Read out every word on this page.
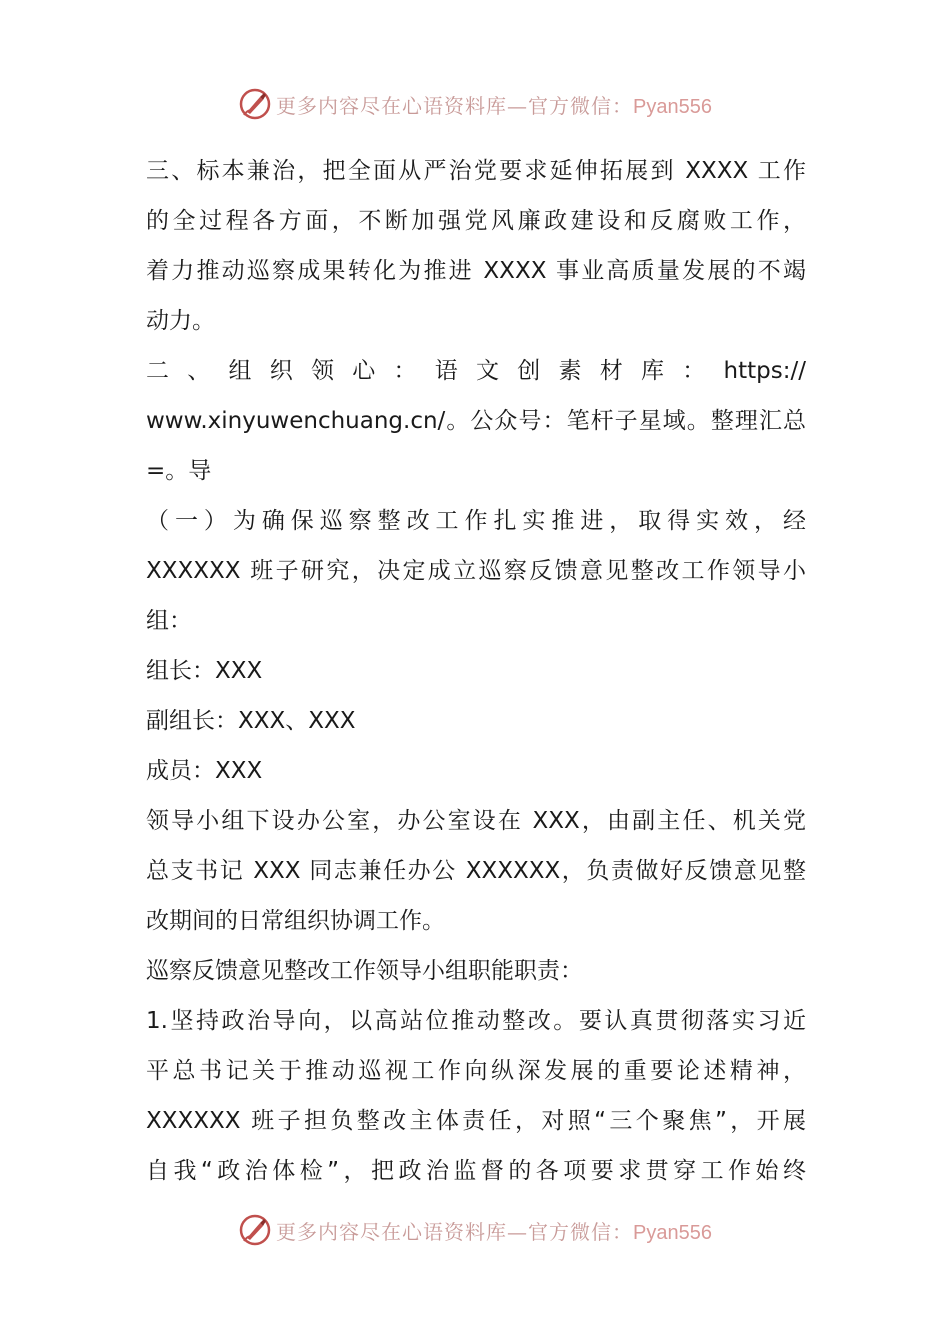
更多内容尽在心语资料库—官方微信：Pyan556
三、标本兼治，把全面从严治党要求延伸拓展到 XXXX 工作
的全过程各方面，不断加强党风廉政建设和反腐败工作，
着力推动巡察成果转化为推进 XXXX 事业高质量发展的不竭
动力。
二 、 组 织 领 心 ： 语 文 创 素 材 库 ： https://
www.xinyuwenchuang.cn/。公众号：笔杆子星域。整理汇总
=。导
（一）为确保巡察整改工作扎实推进，取得实效，经
XXXXXX 班子研究，决定成立巡察反馈意见整改工作领导小
组：
组长：XXX
副组长：XXX、XXX
成员：XXX
领导小组下设办公室，办公室设在 XXX，由副主任、机关党
总支书记 XXX 同志兼任办公 XXXXXX，负责做好反馈意见整
改期间的日常组织协调工作。
巡察反馈意见整改工作领导小组职能职责：
1.坚持政治导向，以高站位推动整改。要认真贯彻落实习近
平总书记关于推动巡视工作向纵深发展的重要论述精神，
XXXXXX 班子担负整改主体责任，对照“三个聚焦”，开展
自我“政治体检”，把政治监督的各项要求贯穿工作始终
更多内容尽在心语资料库—官方微信：Pyan556
